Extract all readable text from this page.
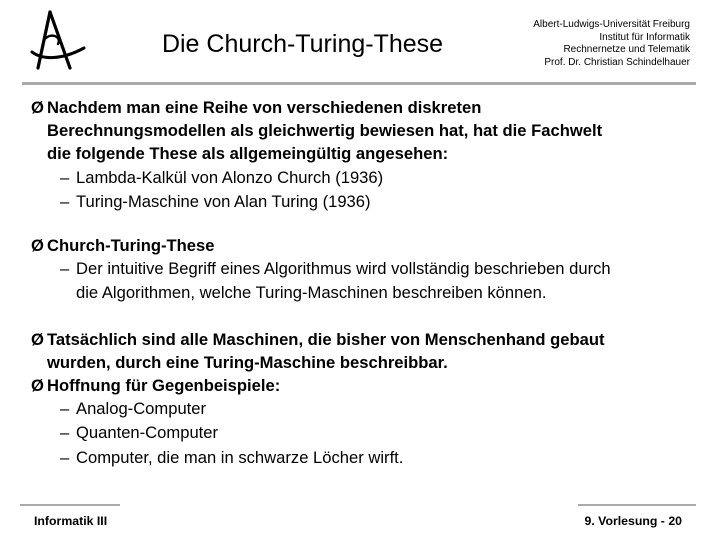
Die Church-Turing-These
Albert-Ludwigs-Universität Freiburg
Institut für Informatik
Rechnernetze und Telematik
Prof. Dr. Christian Schindelhauer
Ø Nachdem man eine Reihe von verschiedenen diskreten
Berechnungsmodellen als gleichwertig bewiesen hat, hat die Fachwelt
die folgende These als allgemeingültig angesehen:
– Lambda-Kalkül von Alonzo Church (1936)
– Turing-Maschine von Alan Turing (1936)
Ø Church-Turing-These
– Der intuitive Begriff eines Algorithmus wird vollständig beschrieben durch
die Algorithmen, welche Turing-Maschinen beschreiben können.
Ø Tatsächlich sind alle Maschinen, die bisher von Menschenhand gebaut
wurden, durch eine Turing-Maschine beschreibbar.
Ø Hoffnung für Gegenbeispiele:
– Analog-Computer
– Quanten-Computer
– Computer, die man in schwarze Löcher wirft.
Informatik III	9. Vorlesung - 20
